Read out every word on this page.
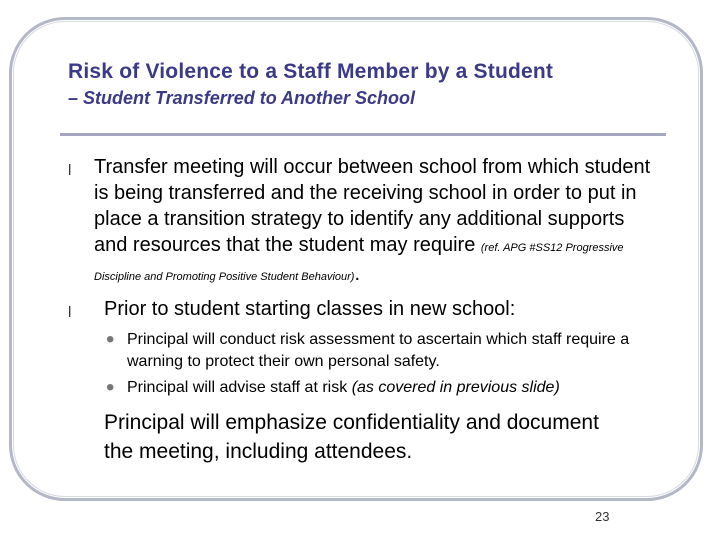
Risk of Violence to a Staff Member by a Student
– Student Transferred to Another School
l Transfer meeting will occur between school from which student is being transferred and the receiving school in order to put in place a transition strategy to identify any additional supports and resources that the student may require (ref. APG #SS12 Progressive Discipline and Promoting Positive Student Behaviour).
l Prior to student starting classes in new school:
• Principal will conduct risk assessment to ascertain which staff require a warning to protect their own personal safety.
• Principal will advise staff at risk (as covered in previous slide)
Principal will emphasize confidentiality and document the meeting, including attendees.
23
